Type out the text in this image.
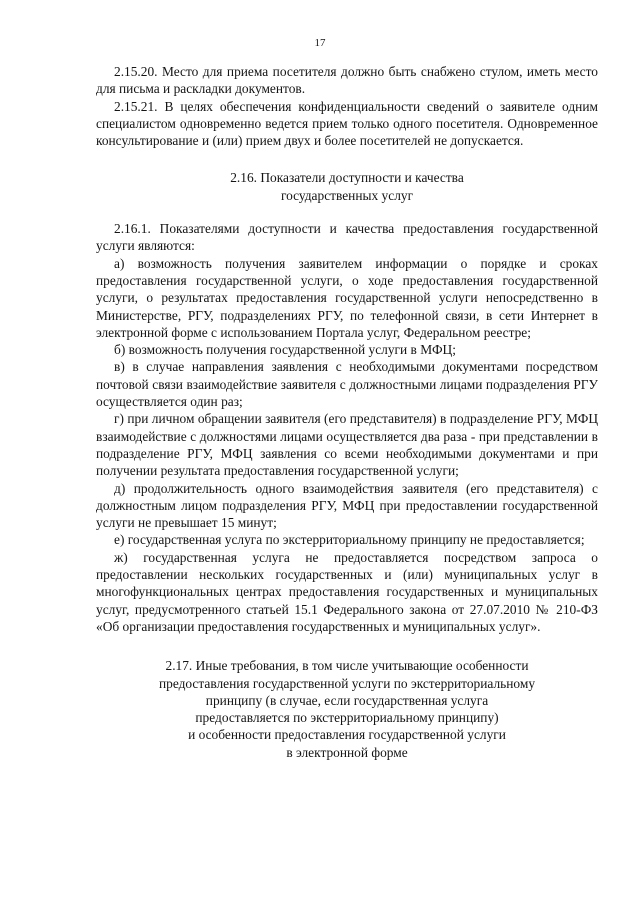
17

2.15.20. Место для приема посетителя должно быть снабжено стулом, иметь место для письма и раскладки документов.

2.15.21. В целях обеспечения конфиденциальности сведений о заявителе одним специалистом одновременно ведется прием только одного посетителя. Одновременное консультирование и (или) прием двух и более посетителей не допускается.

2.16. Показатели доступности и качества

государственных услуг

2.16.1. Показателями доступности и качества предоставления государственной услуги являются:

а) возможность получения заявителем информации о порядке и сроках предоставления государственной услуги, о ходе предоставления государственной услуги, о результатах предоставления государственной услуги непосредственно в Министерстве, РГУ, подразделениях РГУ, по телефонной связи, в сети Интернет в электронной форме с использованием Портала услуг, Федеральном реестре;

б) возможность получения государственной услуги в МФЦ;

в) в случае направления заявления с необходимыми документами посредством почтовой связи взаимодействие заявителя с должностными лицами подразделения РГУ осуществляется один раз;

г) при личном обращении заявителя (его представителя) в подразделение РГУ, МФЦ взаимодействие с должностями лицами осуществляется два раза - при представлении в подразделение РГУ, МФЦ заявления со всеми необходимыми документами и при получении результата предоставления государственной услуги;

д) продолжительность одного взаимодействия заявителя (его представителя) с должностным лицом подразделения РГУ, МФЦ при предоставлении государственной услуги не превышает 15 минут;

е) государственная услуга по экстерриториальному принципу не предоставляется;

ж) государственная услуга не предоставляется посредством запроса о предоставлении нескольких государственных и (или) муниципальных услуг в многофункциональных центрах предоставления государственных и муниципальных услуг, предусмотренного статьей 15.1 Федерального закона от 27.07.2010 № 210-ФЗ «Об организации предоставления государственных и муниципальных услуг».

2.17. Иные требования, в том числе учитывающие особенности

предоставления государственной услуги по экстерриториальному

принципу (в случае, если государственная услуга

предоставляется по экстерриториальному принципу)

и особенности предоставления государственной услуги

в электронной форме
